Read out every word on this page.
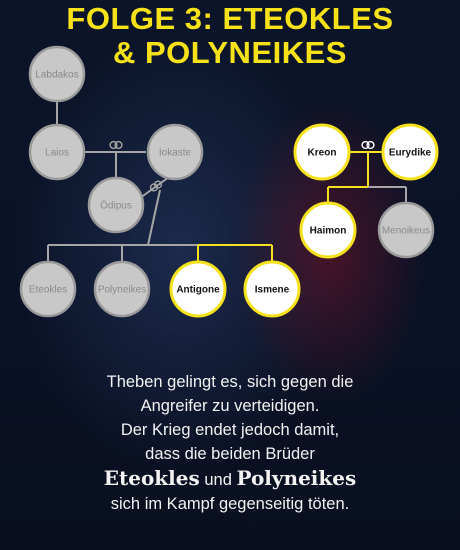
FOLGE 3: ETEOKLES
& POLYNEIKES
Labdakos
Laios	Iokaste
Ödipus
Eteokles	Polyneikes	Antigone	Ismene
Kreon	Eurydike
Haimon	Menoikeus

Theben gelingt es, sich gegen die
Angreifer zu verteidigen.
Der Krieg endet jedoch damit,
dass die beiden Brüder
Eteokles und Polyneikes
sich im Kampf gegenseitig töten.
